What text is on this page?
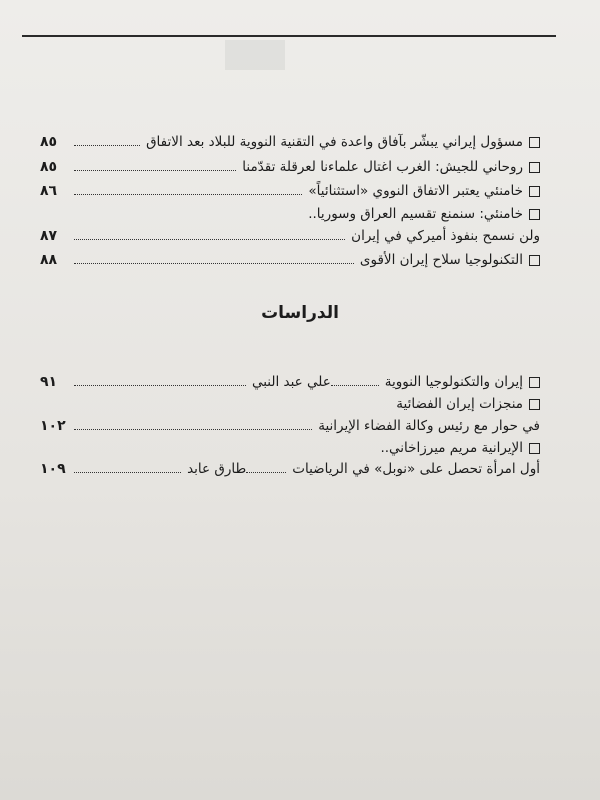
٨٥	مسؤول إيراني يبشّر بآفاق واعدة في التقنية النووية للبلاد بعد الاتفاق
٨٥	روحاني للجيش: الغرب اغتال علماءنا لعرقلة تقدّمنا
٨٦	خامنئي يعتبر الاتفاق النووي «استثنائياً»
خامنئي: سنمنع تقسيم العراق وسوريا..
٨٧	ولن نسمح بنفوذ أميركي في إيران
٨٨	التكنولوجيا سلاح إيران الأقوى
الدراسات
٩١	علي عبد النبي	إيران والتكنولوجيا النووية
منجزات إيران الفضائية
١٠٢	في حوار مع رئيس وكالة الفضاء الإيرانية
الإيرانية مريم ميرزاخاني..
١٠٩	طارق عابد	أول امرأة تحصل على «نوبل» في الرياضيات
